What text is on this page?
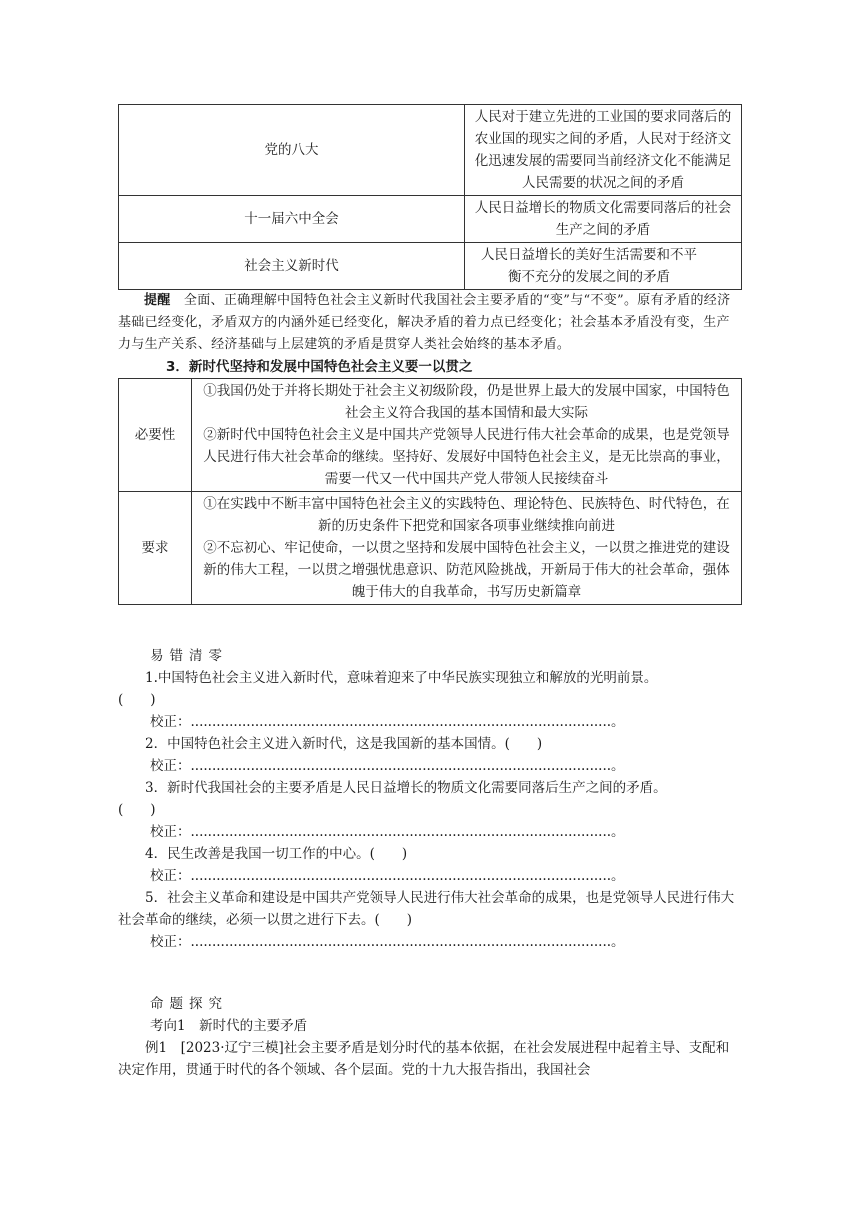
党的八大	人民对于建立先进的工业国的要求同落后的农业国的现实之间的矛盾，人民对于经济文化迅速发展的需要同当前经济文化不能满足人民需要的状况之间的矛盾
十一届六中全会	人民日益增长的物质文化需要同落后的社会生产之间的矛盾
社会主义新时代	人民日益增长的美好生活需要和不平衡不充分的发展之间的矛盾
提醒　 全面、正确理解中国特色社会主义新时代我国社会主要矛盾的“变”与“不变”。原有矛盾的经济基础已经变化，矛盾双方的内涵外延已经变化，解决矛盾的着力点已经变化；社会基本矛盾没有变，生产力与生产关系、经济基础与上层建筑的矛盾是贯穿人类社会始终的基本矛盾。
3．新时代坚持和发展中国特色社会主义要一以贯之
必要性	①我国仍处于并将长期处于社会主义初级阶段，仍是世界上最大的发展中国家，中国特色社会主义符合我国的基本国情和最大实际
②新时代中国特色社会主义是中国共产党领导人民进行伟大社会革命的成果，也是党领导人民进行伟大社会革命的继续。坚持好、发展好中国特色社会主义，是无比崇高的事业，需要一代又一代中国共产党人带领人民接续奋斗

要求	①在实践中不断丰富中国特色社会主义的实践特色、理论特色、民族特色、时代特色，在新的历史条件下把党和国家各项事业继续推向前进
②不忘初心、牢记使命，一以贯之坚持和发展中国特色社会主义，一以贯之推进党的建设新的伟大工程，一以贯之增强忧患意识、防范风险挑战，开新局于伟大的社会革命，强体魄于伟大的自我革命，书写历史新篇章
易错清零
1.中国特色社会主义进入新时代，意味着迎来了中华民族实现独立和解放的光明前景。
(　　)
校正：..................................................................................................。
2．中国特色社会主义进入新时代，这是我国新的基本国情。(　　)
校正：..................................................................................................。
3．新时代我国社会的主要矛盾是人民日益增长的物质文化需要同落后生产之间的矛盾。
(　　)
校正：..................................................................................................。
4．民生改善是我国一切工作的中心。(　　)
校正：..................................................................................................。
5．社会主义革命和建设是中国共产党领导人民进行伟大社会革命的成果，也是党领导人民进行伟大社会革命的继续，必须一以贯之进行下去。(　　)
校正：..................................................................................................。
命题探究
考向1　新时代的主要矛盾
例1　 [2023·辽宁三模]社会主要矛盾是划分时代的基本依据，在社会发展进程中起着主导、支配和决定作用，贯通于时代的各个领域、各个层面。党的十九大报告指出，我国社会
